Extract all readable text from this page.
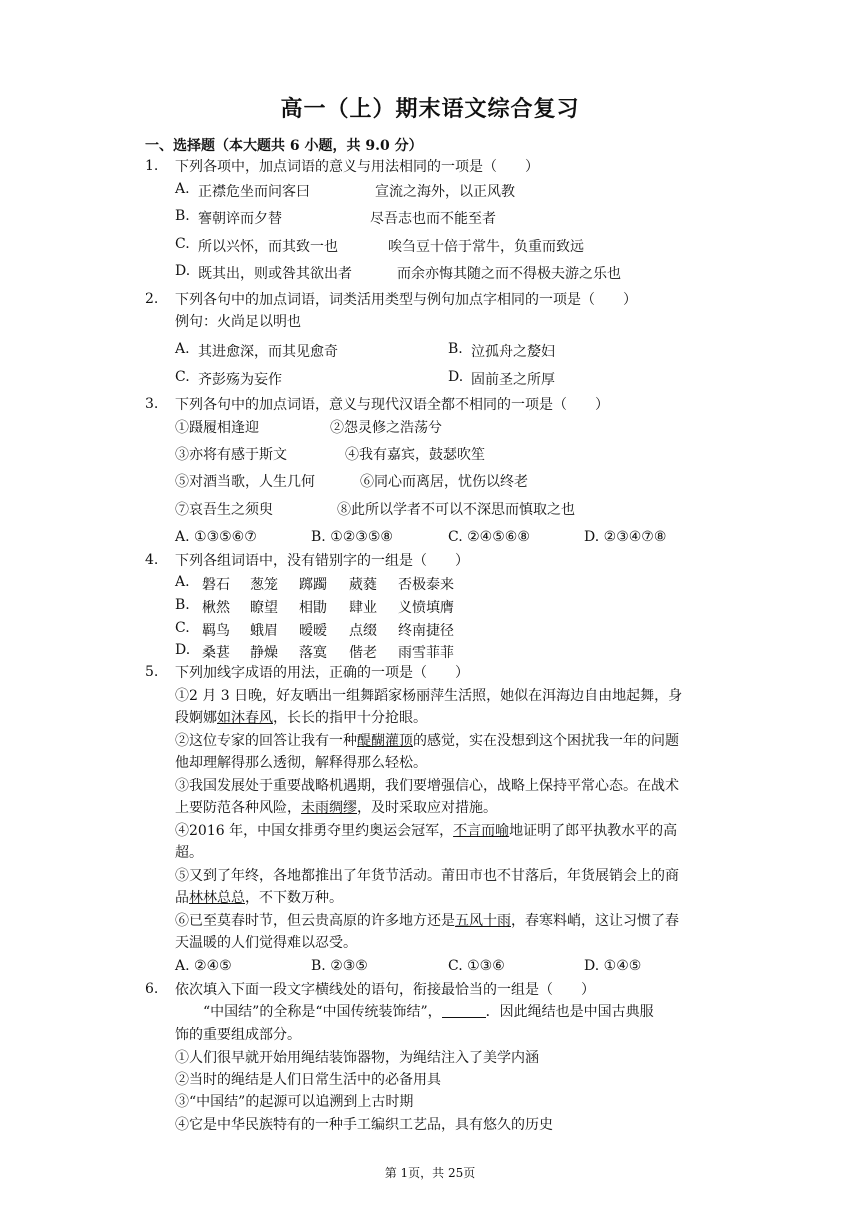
高一（上）期末语文综合复习
一、选择题（本大题共 6 小题，共 9.0 分）
1. 下列各项中，加点词语的意义与用法相同的一项是（　　）
A. 正襟危坐而问客曰	宣流之海外，以正风教
B. 謇朝谇而夕替	尽吾志也而不能至者
C. 所以兴怀，而其致一也	唉刍豆十倍于常牛，负重而致远
D. 既其出，则或咎其欲出者	而余亦悔其随之而不得极夫游之乐也
2. 下列各句中的加点词语，词类活用类型与例句加点字相同的一项是（　　）
例句：火尚足以明也
A. 其进愈深，而其见愈奇	B. 泣孤舟之嫠妇
C. 齐彭殇为妄作	D. 固前圣之所厚
3. 下列各句中的加点词语，意义与现代汉语全都不相同的一项是（　　）
①蹑履相逢迎	②怨灵修之浩荡兮
③亦将有感于斯文	④我有嘉宾，鼓瑟吹笙
⑤对酒当歌，人生几何	⑥同心而离居，忧伤以终老
⑦哀吾生之须臾	⑧此所以学者不可以不深思而慎取之也
A. ①③⑤⑥⑦	B. ①②③⑤⑧	C. ②④⑤⑥⑧	D. ②③④⑦⑧
4. 下列各组词语中，没有错别字的一组是（　　）
A. 磐石 葱笼 踯躅 葳蕤 否极泰来
B. 楸然 瞭望 相勖 肆业 义愤填膺
C. 羁鸟 蛾眉 暧暧 点缀 终南捷径
D. 桑葚 静燥 落寞 偕老 雨雪菲菲
5. 下列加线字成语的用法，正确的一项是（　　）
①2 月 3 日晚，好友晒出一组舞蹈家杨丽萍生活照，她似在洱海边自由地起舞，身
段婀娜如沐春风，长长的指甲十分抢眼。
②这位专家的回答让我有一种醍醐灌顶的感觉，实在没想到这个困扰我一年的问题
他却理解得那么透彻，解释得那么轻松。
③我国发展处于重要战略机遇期，我们要增强信心，战略上保持平常心态。在战术
上要防范各种风险，未雨绸缪，及时采取应对措施。
④2016 年，中国女排勇夺里约奥运会冠军，不言而喻地证明了郎平执教水平的高
超。
⑤又到了年终，各地都推出了年货节活动。莆田市也不甘落后，年货展销会上的商
品林林总总，不下数万种。
⑥已至莫春时节，但云贵高原的许多地方还是五风十雨，春寒料峭，这让习惯了春
天温暖的人们觉得难以忍受。
A. ②④⑤	B. ②③⑤	C. ①③⑥	D. ①④⑤
6. 依次填入下面一段文字横线处的语句，衔接最恰当的一组是（　　）
“中国结”的全称是“中国传统装饰结”，	．因此绳结也是中国古典服
饰的重要组成部分。
①人们很早就开始用绳结装饰器物，为绳结注入了美学内涵
②当时的绳结是人们日常生活中的必备用具
③“中国结”的起源可以追溯到上古时期
④它是中华民族特有的一种手工编织工艺品，具有悠久的历史
第 1页，共 25页
